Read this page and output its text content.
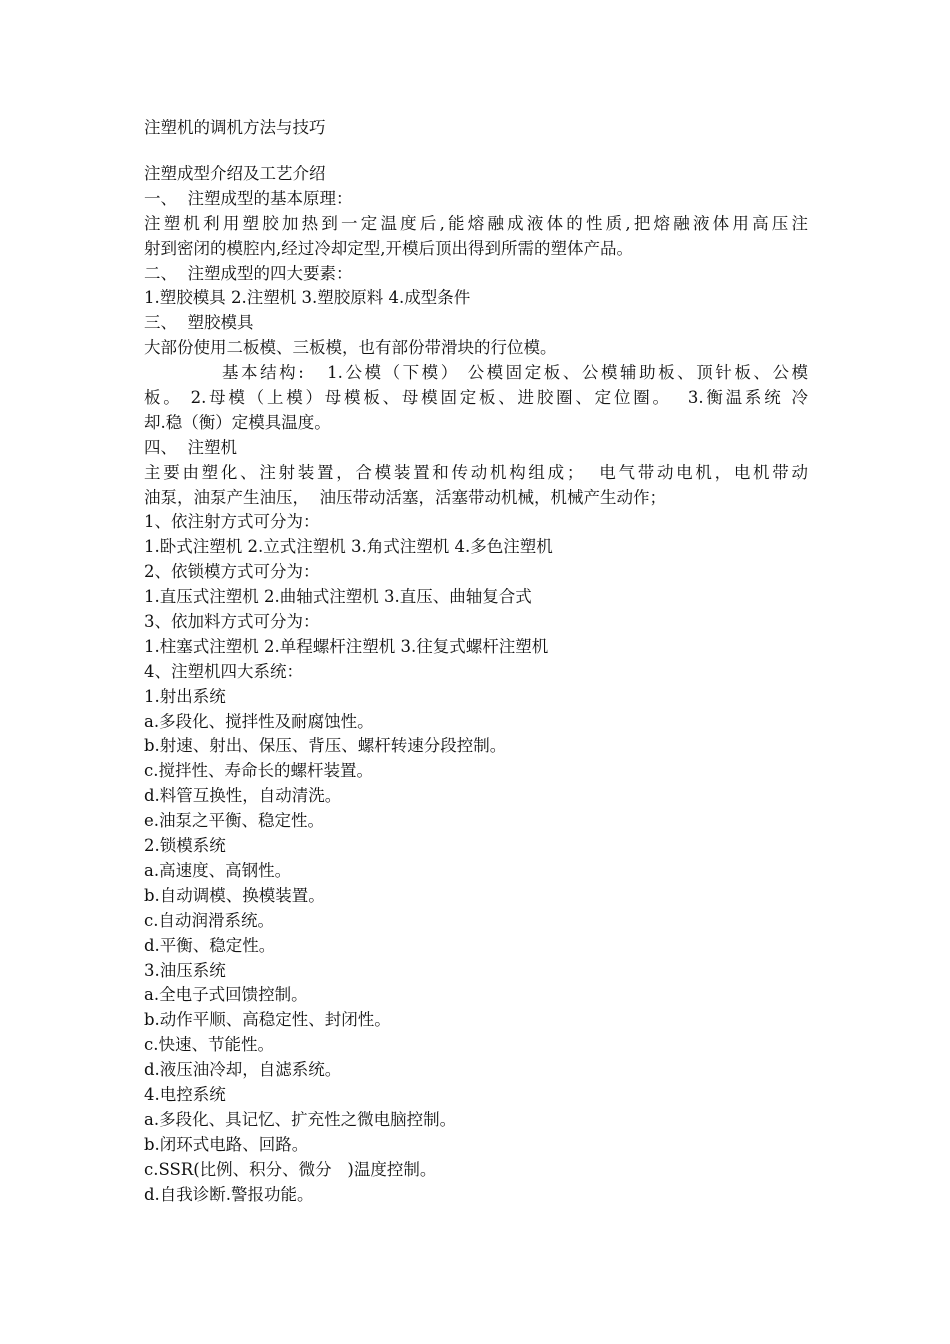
注塑机的调机方法与技巧
注塑成型介绍及工艺介绍
一、  注塑成型的基本原理：
注塑机利用塑胶加热到一定温度后,能熔融成液体的性质,把熔融液体用高压注
射到密闭的模腔内,经过冷却定型,开模后顶出得到所需的塑体产品。
二、  注塑成型的四大要素：
1.塑胶模具 2.注塑机 3.塑胶原料 4.成型条件
三、  塑胶模具
大部份使用二板模、三板模，也有部份带滑块的行位模。
基本结构:   1.公模（下模） 公模固定板、公模辅助板、顶针板、公模
板。 2.母模（上模）母模板、母模固定板、进胶圈、定位圈。  3.衡温系统 冷
却.稳（衡）定模具温度。
四、  注塑机
主要由塑化、注射装置，合模装置和传动机构组成；  电气带动电机，电机带动
油泵，油泵产生油压，  油压带动活塞，活塞带动机械，机械产生动作；
1、依注射方式可分为：
1.卧式注塑机 2.立式注塑机 3.角式注塑机 4.多色注塑机
2、依锁模方式可分为：
1.直压式注塑机 2.曲轴式注塑机 3.直压、曲轴复合式
3、依加料方式可分为：
1.柱塞式注塑机 2.单程螺杆注塑机 3.往复式螺杆注塑机
4、注塑机四大系统：
1.射出系统
a.多段化、搅拌性及耐腐蚀性。
b.射速、射出、保压、背压、螺杆转速分段控制。
c.搅拌性、寿命长的螺杆装置。
d.料管互换性，自动清洗。
e.油泵之平衡、稳定性。
2.锁模系统
a.高速度、高钢性。
b.自动调模、换模装置。
c.自动润滑系统。
d.平衡、稳定性。
3.油压系统
a.全电子式回馈控制。
b.动作平顺、高稳定性、封闭性。
c.快速、节能性。
d.液压油冷却，自滤系统。
4.电控系统
a.多段化、具记忆、扩充性之微电脑控制。
b.闭环式电路、回路。
c.SSR(比例、积分、微分   )温度控制。
d.自我诊断.警报功能。
